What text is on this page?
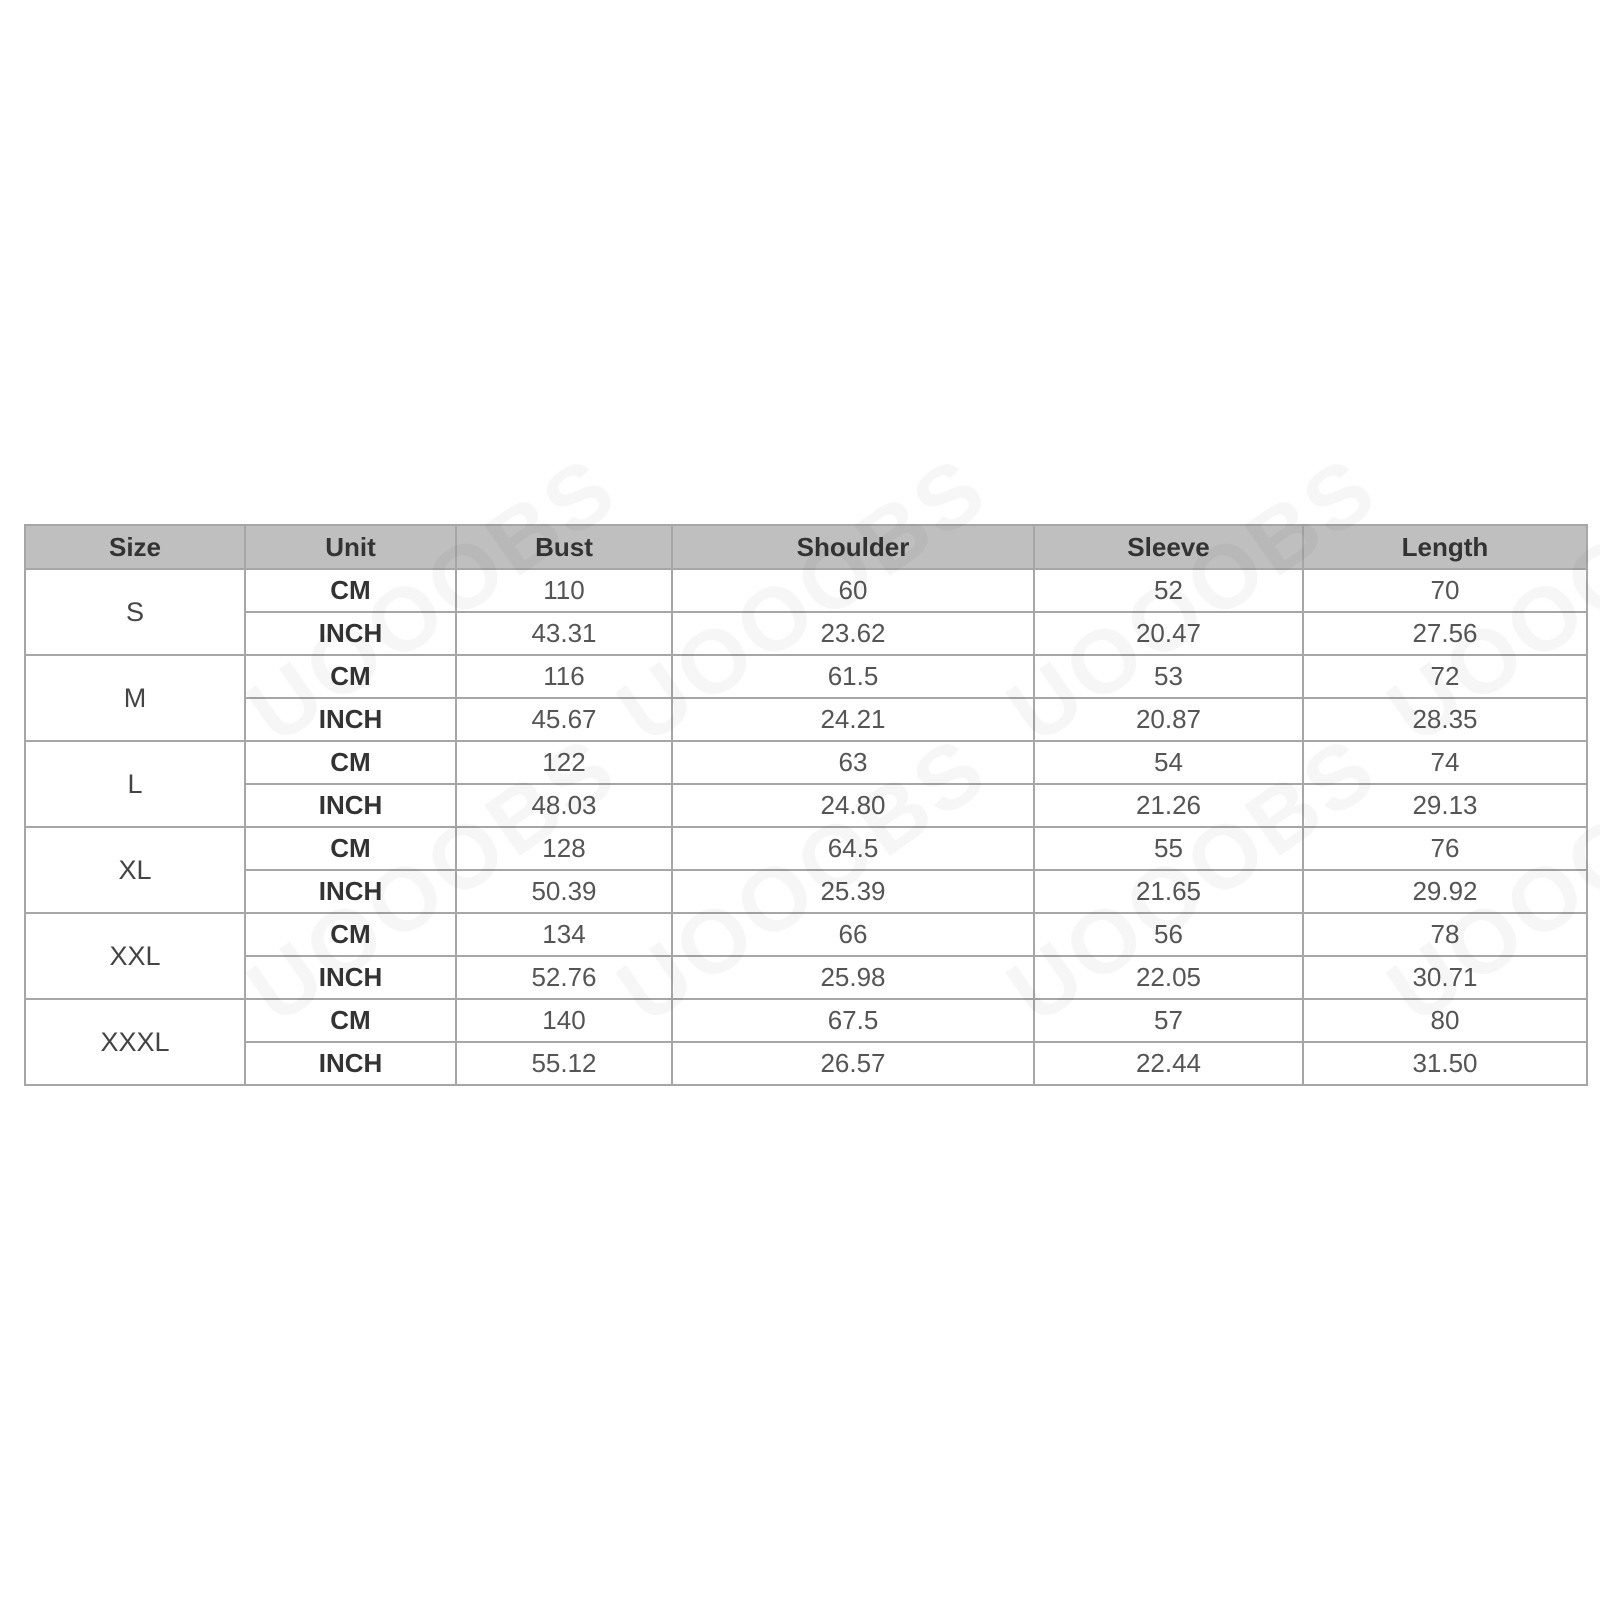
Size	Unit	Bust	Shoulder	Sleeve	Length
S	CM	110	60	52	70
	INCH	43.31	23.62	20.47	27.56
M	CM	116	61.5	53	72
	INCH	45.67	24.21	20.87	28.35
L	CM	122	63	54	74
	INCH	48.03	24.80	21.26	29.13
XL	CM	128	64.5	55	76
	INCH	50.39	25.39	21.65	29.92
XXL	CM	134	66	56	78
	INCH	52.76	25.98	22.05	30.71
XXXL	CM	140	67.5	57	80
	INCH	55.12	26.57	22.44	31.50
